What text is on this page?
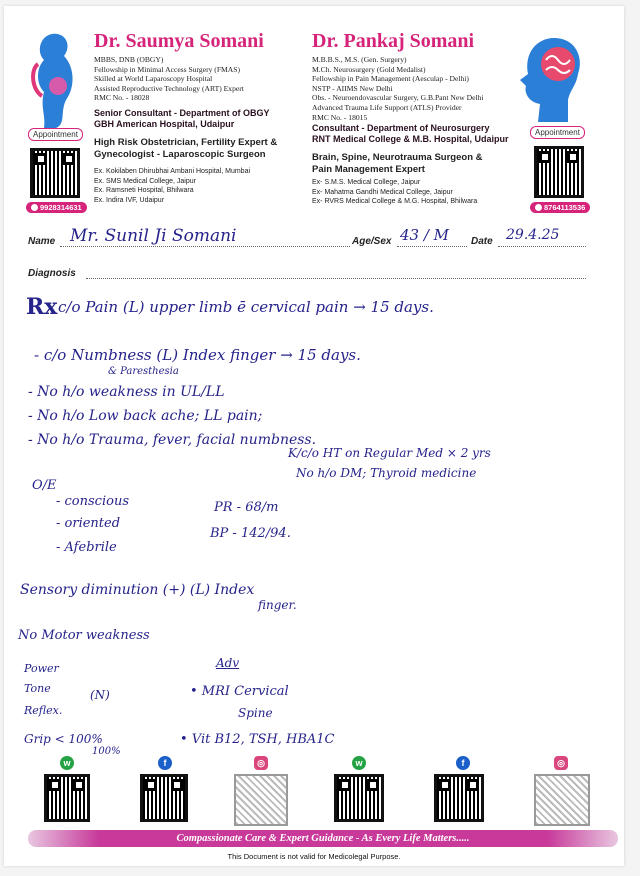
Appointment
9928314631
Dr. Saumya Somani
MBBS, DNB (OBGY)
Fellowship in Minimal Access Surgery (FMAS)
Skilled at World Laparoscopy Hospital
Assisted Reproductive Technology (ART) Expert
RMC No. - 18028
Senior Consultant - Department of OBGY
GBH American Hospital, Udaipur
High Risk Obstetrician, Fertility Expert &
Gynecologist - Laparoscopic Surgeon
Ex. Kokilaben Dhirubhai Ambani Hospital, Mumbai
Ex. SMS Medical College, Jaipur
Ex. Ramsneti Hospital, Bhilwara
Ex. Indira IVF, Udaipur
Dr. Pankaj Somani
M.B.B.S., M.S. (Gen. Surgery)
M.Ch. Neurosurgery (Gold Medalist)
Fellowship in Pain Management (Aesculap - Delhi)
NSTP - AIIMS New Delhi
Obs. - Neuroendovascular Surgery, G.B.Pant New Delhi
Advanced Trauma Life Support (ATLS) Provider
RMC No. - 18015
Consultant - Department of Neurosurgery
RNT Medical College & M.B. Hospital, Udaipur
Brain, Spine, Neurotrauma Surgeon &
Pain Management Expert
Ex- S.M.S. Medical College, Jaipur
Ex- Mahatma Gandhi Medical College, Jaipur
Ex- RVRS Medical College & M.G. Hospital, Bhilwara
Appointment
8764113536
Name Mr. Sunil Ji Somani	Age/Sex 43 / M Date 29.4.25
Diagnosis
Rx c/o Pain (L) upper limb ē cervical pain → 15 days.
- c/o Numbness (L) Index finger → 15 days.
& Paresthesia
- No h/o weakness in UL/LL
- No h/o Low back ache; LL pain;
- No h/o Trauma, fever, facial numbness.
K/c/o HT on Regular Med × 2 yrs
No h/o DM; Thyroid medicine
O/E
- conscious
- oriented
- Afebrile
PR - 68/m
BP - 142/94.
Sensory diminution (+) (L) Index
finger.
No Motor weakness
Power
Tone
Reflex.
(N)
Grip < 100%
100%
Adv
• MRI Cervical
Spine
• Vit B12, TSH, HBA1C
w	f	◎	w	f	◎
Compassionate Care & Expert Guidance - As Every Life Matters.....
This Document is not valid for Medicolegal Purpose.
